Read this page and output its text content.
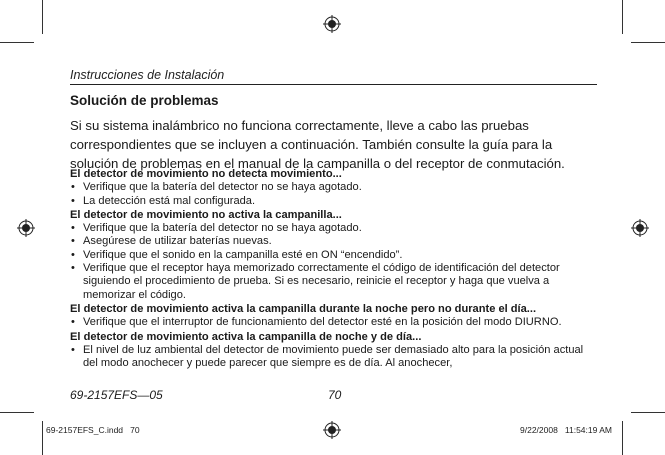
Instrucciones de Instalación
Solución de problemas
Si su sistema inalámbrico no funciona correctamente, lleve a cabo las pruebas correspondientes que se incluyen a continuación. También consulte la guía para la solución de problemas en el manual de la campanilla o del receptor de conmutación.
El detector de movimiento no detecta movimiento...
• Verifique que la batería del detector no se haya agotado.
• La detección está mal configurada.
El detector de movimiento no activa la campanilla...
• Verifique que la batería del detector no se haya agotado.
• Asegúrese de utilizar baterías nuevas.
• Verifique que el sonido en la campanilla esté en ON “encendido”.
• Verifique que el receptor haya memorizado correctamente el código de identificación del detector siguiendo el procedimiento de prueba. Si es necesario, reinicie el receptor y haga que vuelva a memorizar el código.
El detector de movimiento activa la campanilla durante la noche pero no durante el día...
• Verifique que el interruptor de funcionamiento del detector esté en la posición del modo DIURNO.
El detector de movimiento activa la campanilla de noche y de día...
• El nivel de luz ambiental del detector de movimiento puede ser demasiado alto para la posición actual del modo anochecer y puede parecer que siempre es de día. Al anochecer,
69-2157EFS—05	70
69-2157EFS_C.indd   70	9/22/2008   11:54:19 AM
